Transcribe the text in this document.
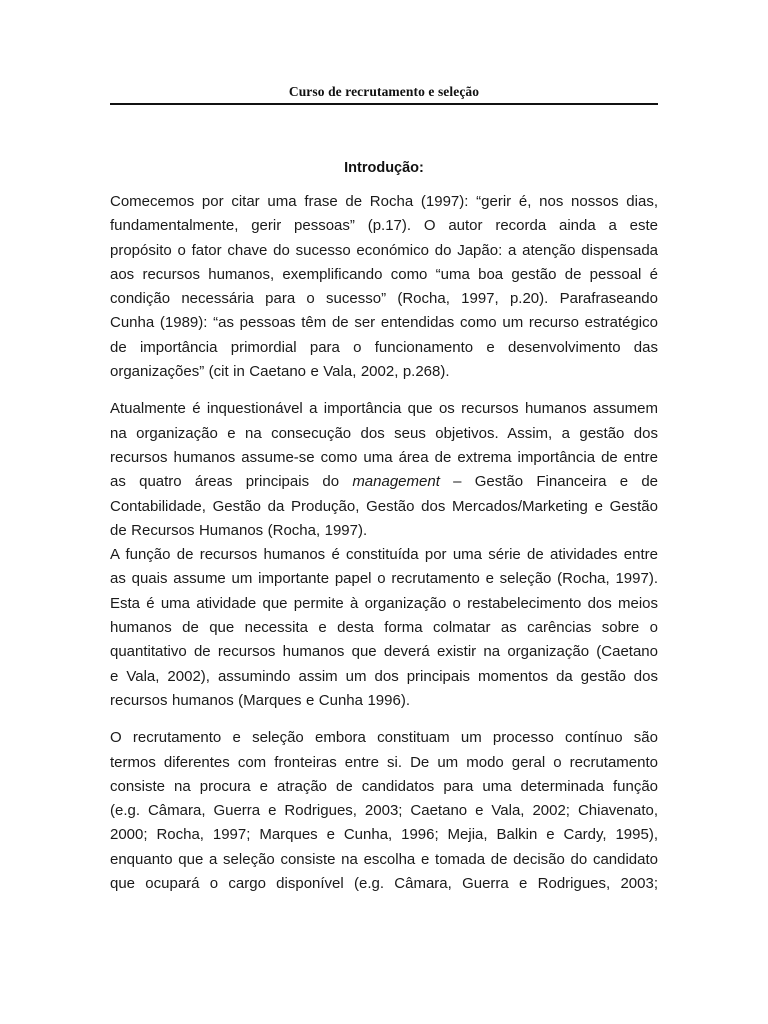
Curso de recrutamento e seleção
Introdução:
Comecemos por citar uma frase de Rocha (1997): “gerir é, nos nossos dias,
fundamentalmente, gerir pessoas” (p.17). O autor recorda ainda a este
propósito o fator chave do sucesso económico do Japão: a atenção dispensada
aos recursos humanos, exemplificando como “uma boa gestão de pessoal é
condição necessária para o sucesso” (Rocha, 1997, p.20). Parafraseando
Cunha (1989): “as pessoas têm de ser entendidas como um recurso estratégico
de importância primordial para o funcionamento e desenvolvimento das
organizações” (cit in Caetano e Vala, 2002, p.268).
Atualmente é inquestionável a importância que os recursos humanos assumem
na organização e na consecução dos seus objetivos. Assim, a gestão dos
recursos humanos assume-se como uma área de extrema importância de entre
as quatro áreas principais do management – Gestão Financeira e de
Contabilidade, Gestão da Produção, Gestão dos Mercados/Marketing e Gestão
de Recursos Humanos (Rocha, 1997).
A função de recursos humanos é constituída por uma série de atividades entre
as quais assume um importante papel o recrutamento e seleção (Rocha, 1997).
Esta é uma atividade que permite à organização o restabelecimento dos meios
humanos de que necessita e desta forma colmatar as carências sobre o
quantitativo de recursos humanos que deverá existir na organização (Caetano
e Vala, 2002), assumindo assim um dos principais momentos da gestão dos
recursos humanos (Marques e Cunha 1996).
O recrutamento e seleção embora constituam um processo contínuo são
termos diferentes com fronteiras entre si. De um modo geral o recrutamento
consiste na procura e atração de candidatos para uma determinada função
(e.g. Câmara, Guerra e Rodrigues, 2003; Caetano e Vala, 2002; Chiavenato,
2000; Rocha, 1997; Marques e Cunha, 1996; Mejia, Balkin e Cardy, 1995),
enquanto que a seleção consiste na escolha e tomada de decisão do candidato
que ocupará o cargo disponível (e.g. Câmara, Guerra e Rodrigues, 2003;
